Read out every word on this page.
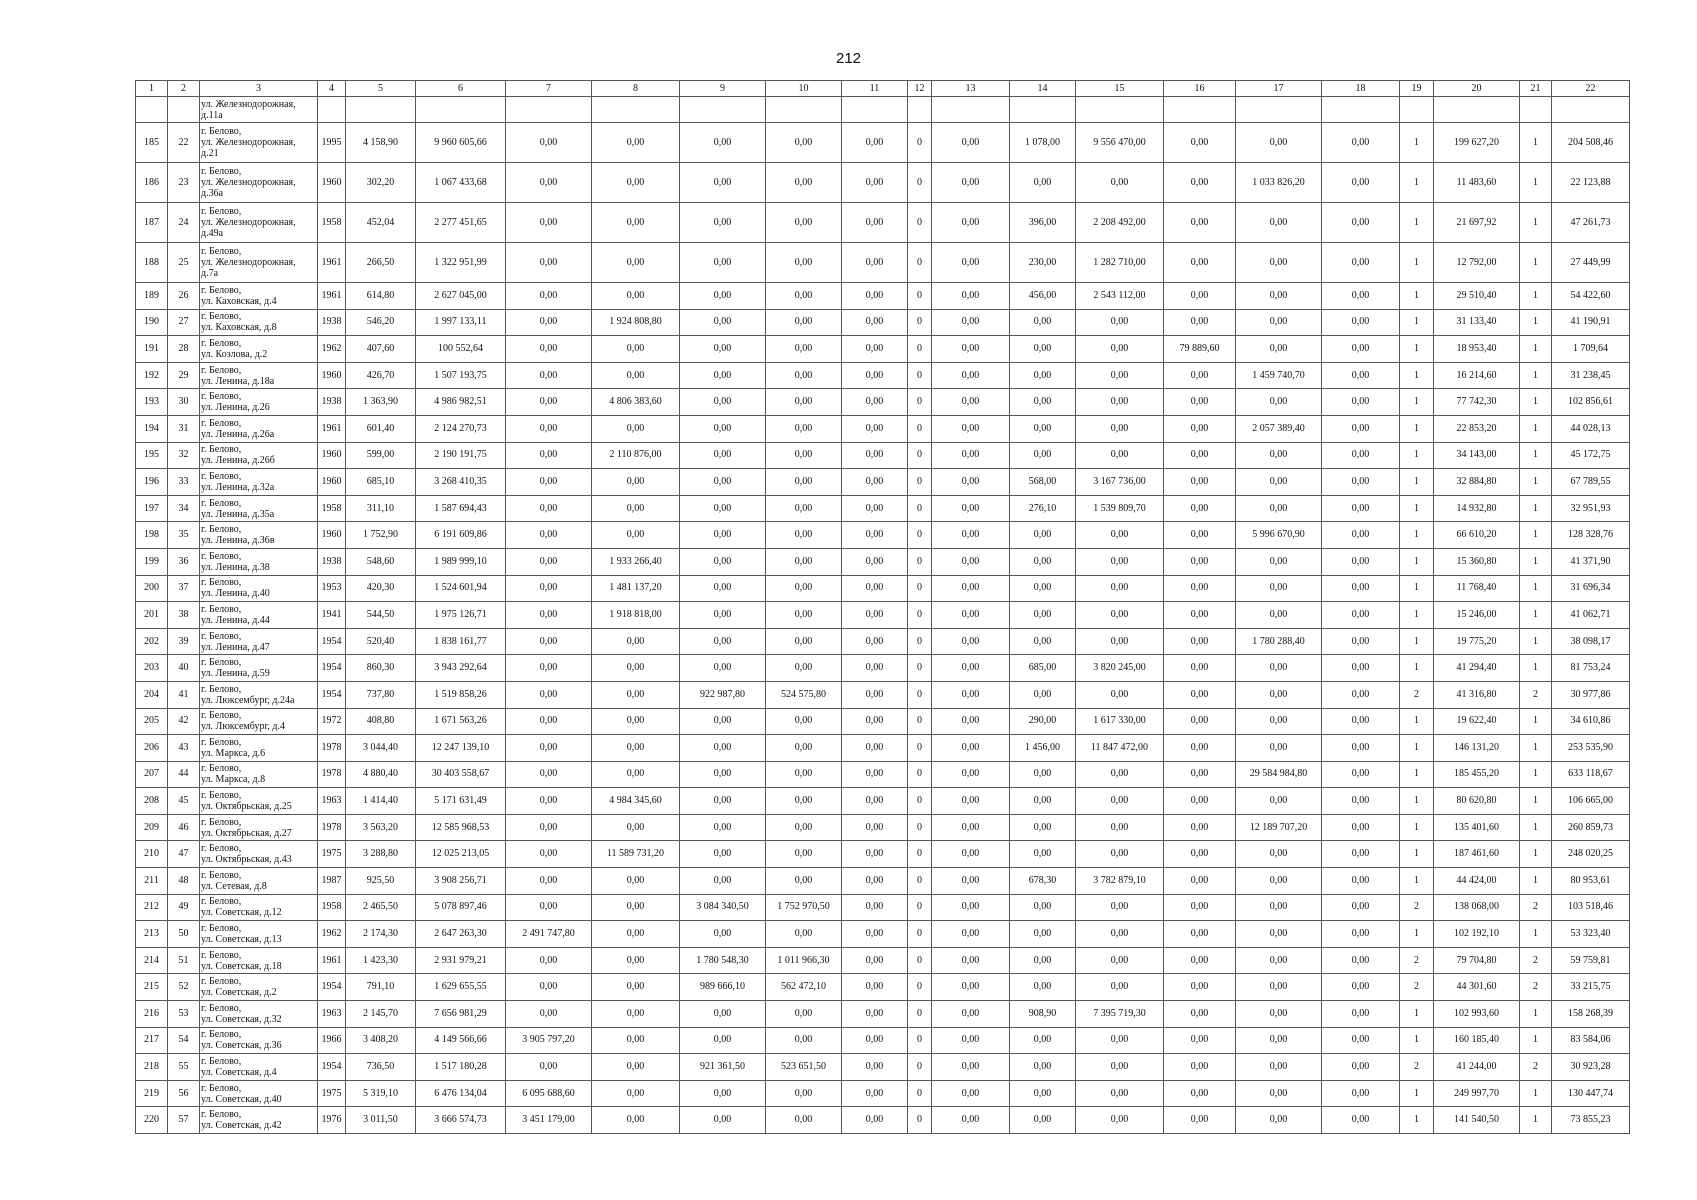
212
1	2	3	4	5	6	7	8	9	10	11	12	13	14	15	16	17	18	19	20	21	22
		ул. Железнодорожная,
д.11а																			
185	22	г. Белово,
ул. Железнодорожная,
д.21	1995	4 158,90	9 960 605,66	0,00	0,00	0,00	0,00	0,00	0	0,00	1 078,00	9 556 470,00	0,00	0,00	0,00	1	199 627,20	1	204 508,46
186	23	г. Белово,
ул. Железнодорожная,
д.36а	1960	302,20	1 067 433,68	0,00	0,00	0,00	0,00	0,00	0	0,00	0,00	0,00	0,00	1 033 826,20	0,00	1	11 483,60	1	22 123,88
187	24	г. Белово,
ул. Железнодорожная,
д.49а	1958	452,04	2 277 451,65	0,00	0,00	0,00	0,00	0,00	0	0,00	396,00	2 208 492,00	0,00	0,00	0,00	1	21 697,92	1	47 261,73
188	25	г. Белово,
ул. Железнодорожная,
д.7а	1961	266,50	1 322 951,99	0,00	0,00	0,00	0,00	0,00	0	0,00	230,00	1 282 710,00	0,00	0,00	0,00	1	12 792,00	1	27 449,99
189	26	г. Белово,
ул. Каховская, д.4	1961	614,80	2 627 045,00	0,00	0,00	0,00	0,00	0,00	0	0,00	456,00	2 543 112,00	0,00	0,00	0,00	1	29 510,40	1	54 422,60
190	27	г. Белово,
ул. Каховская, д.8	1938	546,20	1 997 133,11	0,00	1 924 808,80	0,00	0,00	0,00	0	0,00	0,00	0,00	0,00	0,00	0,00	1	31 133,40	1	41 190,91
191	28	г. Белово,
ул. Козлова, д.2	1962	407,60	100 552,64	0,00	0,00	0,00	0,00	0,00	0	0,00	0,00	0,00	79 889,60	0,00	0,00	1	18 953,40	1	1 709,64
192	29	г. Белово,
ул. Ленина, д.18а	1960	426,70	1 507 193,75	0,00	0,00	0,00	0,00	0,00	0	0,00	0,00	0,00	0,00	1 459 740,70	0,00	1	16 214,60	1	31 238,45
193	30	г. Белово,
ул. Ленина, д.26	1938	1 363,90	4 986 982,51	0,00	4 806 383,60	0,00	0,00	0,00	0	0,00	0,00	0,00	0,00	0,00	0,00	1	77 742,30	1	102 856,61
194	31	г. Белово,
ул. Ленина, д.26а	1961	601,40	2 124 270,73	0,00	0,00	0,00	0,00	0,00	0	0,00	0,00	0,00	0,00	2 057 389,40	0,00	1	22 853,20	1	44 028,13
195	32	г. Белово,
ул. Ленина, д.26б	1960	599,00	2 190 191,75	0,00	2 110 876,00	0,00	0,00	0,00	0	0,00	0,00	0,00	0,00	0,00	0,00	1	34 143,00	1	45 172,75
196	33	г. Белово,
ул. Ленина, д.32а	1960	685,10	3 268 410,35	0,00	0,00	0,00	0,00	0,00	0	0,00	568,00	3 167 736,00	0,00	0,00	0,00	1	32 884,80	1	67 789,55
197	34	г. Белово,
ул. Ленина, д.35а	1958	311,10	1 587 694,43	0,00	0,00	0,00	0,00	0,00	0	0,00	276,10	1 539 809,70	0,00	0,00	0,00	1	14 932,80	1	32 951,93
198	35	г. Белово,
ул. Ленина, д.36в	1960	1 752,90	6 191 609,86	0,00	0,00	0,00	0,00	0,00	0	0,00	0,00	0,00	0,00	5 996 670,90	0,00	1	66 610,20	1	128 328,76
199	36	г. Белово,
ул. Ленина, д.38	1938	548,60	1 989 999,10	0,00	1 933 266,40	0,00	0,00	0,00	0	0,00	0,00	0,00	0,00	0,00	0,00	1	15 360,80	1	41 371,90
200	37	г. Белово,
ул. Ленина, д.40	1953	420,30	1 524 601,94	0,00	1 481 137,20	0,00	0,00	0,00	0	0,00	0,00	0,00	0,00	0,00	0,00	1	11 768,40	1	31 696,34
201	38	г. Белово,
ул. Ленина, д.44	1941	544,50	1 975 126,71	0,00	1 918 818,00	0,00	0,00	0,00	0	0,00	0,00	0,00	0,00	0,00	0,00	1	15 246,00	1	41 062,71
202	39	г. Белово,
ул. Ленина, д.47	1954	520,40	1 838 161,77	0,00	0,00	0,00	0,00	0,00	0	0,00	0,00	0,00	0,00	1 780 288,40	0,00	1	19 775,20	1	38 098,17
203	40	г. Белово,
ул. Ленина, д.59	1954	860,30	3 943 292,64	0,00	0,00	0,00	0,00	0,00	0	0,00	685,00	3 820 245,00	0,00	0,00	0,00	1	41 294,40	1	81 753,24
204	41	г. Белово,
ул. Люксембург, д.24а	1954	737,80	1 519 858,26	0,00	0,00	922 987,80	524 575,80	0,00	0	0,00	0,00	0,00	0,00	0,00	0,00	2	41 316,80	2	30 977,86
205	42	г. Белово,
ул. Люксембург, д.4	1972	408,80	1 671 563,26	0,00	0,00	0,00	0,00	0,00	0	0,00	290,00	1 617 330,00	0,00	0,00	0,00	1	19 622,40	1	34 610,86
206	43	г. Белово,
ул. Маркса, д.6	1978	3 044,40	12 247 139,10	0,00	0,00	0,00	0,00	0,00	0	0,00	1 456,00	11 847 472,00	0,00	0,00	0,00	1	146 131,20	1	253 535,90
207	44	г. Белово,
ул. Маркса, д.8	1978	4 880,40	30 403 558,67	0,00	0,00	0,00	0,00	0,00	0	0,00	0,00	0,00	0,00	29 584 984,80	0,00	1	185 455,20	1	633 118,67
208	45	г. Белово,
ул. Октябрьская, д.25	1963	1 414,40	5 171 631,49	0,00	4 984 345,60	0,00	0,00	0,00	0	0,00	0,00	0,00	0,00	0,00	0,00	1	80 620,80	1	106 665,00
209	46	г. Белово,
ул. Октябрьская, д.27	1978	3 563,20	12 585 968,53	0,00	0,00	0,00	0,00	0,00	0	0,00	0,00	0,00	0,00	12 189 707,20	0,00	1	135 401,60	1	260 859,73
210	47	г. Белово,
ул. Октябрьская, д.43	1975	3 288,80	12 025 213,05	0,00	11 589 731,20	0,00	0,00	0,00	0	0,00	0,00	0,00	0,00	0,00	0,00	1	187 461,60	1	248 020,25
211	48	г. Белово,
ул. Сетевая, д.8	1987	925,50	3 908 256,71	0,00	0,00	0,00	0,00	0,00	0	0,00	678,30	3 782 879,10	0,00	0,00	0,00	1	44 424,00	1	80 953,61
212	49	г. Белово,
ул. Советская, д.12	1958	2 465,50	5 078 897,46	0,00	0,00	3 084 340,50	1 752 970,50	0,00	0	0,00	0,00	0,00	0,00	0,00	0,00	2	138 068,00	2	103 518,46
213	50	г. Белово,
ул. Советская, д.13	1962	2 174,30	2 647 263,30	2 491 747,80	0,00	0,00	0,00	0,00	0	0,00	0,00	0,00	0,00	0,00	0,00	1	102 192,10	1	53 323,40
214	51	г. Белово,
ул. Советская, д.18	1961	1 423,30	2 931 979,21	0,00	0,00	1 780 548,30	1 011 966,30	0,00	0	0,00	0,00	0,00	0,00	0,00	0,00	2	79 704,80	2	59 759,81
215	52	г. Белово,
ул. Советская, д.2	1954	791,10	1 629 655,55	0,00	0,00	989 666,10	562 472,10	0,00	0	0,00	0,00	0,00	0,00	0,00	0,00	2	44 301,60	2	33 215,75
216	53	г. Белово,
ул. Советская, д.32	1963	2 145,70	7 656 981,29	0,00	0,00	0,00	0,00	0,00	0	0,00	908,90	7 395 719,30	0,00	0,00	0,00	1	102 993,60	1	158 268,39
217	54	г. Белово,
ул. Советская, д.36	1966	3 408,20	4 149 566,66	3 905 797,20	0,00	0,00	0,00	0,00	0	0,00	0,00	0,00	0,00	0,00	0,00	1	160 185,40	1	83 584,06
218	55	г. Белово,
ул. Советская, д.4	1954	736,50	1 517 180,28	0,00	0,00	921 361,50	523 651,50	0,00	0	0,00	0,00	0,00	0,00	0,00	0,00	2	41 244,00	2	30 923,28
219	56	г. Белово,
ул. Советская, д.40	1975	5 319,10	6 476 134,04	6 095 688,60	0,00	0,00	0,00	0,00	0	0,00	0,00	0,00	0,00	0,00	0,00	1	249 997,70	1	130 447,74
220	57	г. Белово,
ул. Советская, д.42	1976	3 011,50	3 666 574,73	3 451 179,00	0,00	0,00	0,00	0,00	0	0,00	0,00	0,00	0,00	0,00	0,00	1	141 540,50	1	73 855,23
